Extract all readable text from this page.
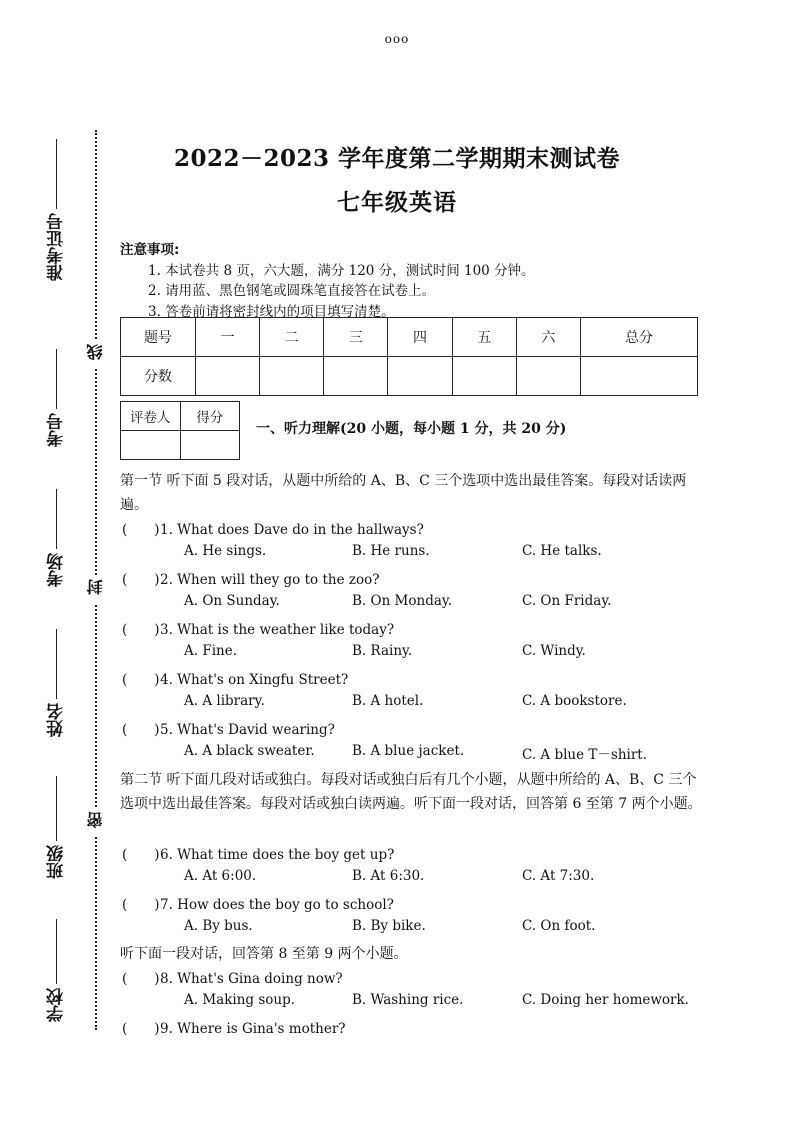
ooo
2022－2023 学年度第二学期期末测试卷
七年级英语
准考证号
考号
考场
姓名
班级
学校
线
封
密
注意事项:
1. 本试卷共 8 页，六大题，满分 120 分，测试时间 100 分钟。
2. 请用蓝、黑色钢笔或圆珠笔直接答在试卷上。
3. 答卷前请将密封线内的项目填写清楚。
题号	一	二	三	四	五	六	总分
分数							
评卷人	得分

一、听力理解(20 小题，每小题 1 分，共 20 分)
第一节 听下面 5 段对话，从题中所给的 A、B、C 三个选项中选出最佳答案。每段对话读两遍。
(　　)1. What does Dave do in the hallways?
A. He sings.	B. He runs.	C. He talks.
(　　)2. When will they go to the zoo?
A. On Sunday.	B. On Monday.	C. On Friday.
(　　)3. What is the weather like today?
A. Fine.	B. Rainy.	C. Windy.
(　　)4. What's on Xingfu Street?
A. A library.	B. A hotel.	C. A bookstore.
(　　)5. What's David wearing?
A. A black sweater.	B. A blue jacket.	C. A blue T－shirt.
(　　)6. What time does the boy get up?
A. At 6:00.	B. At 6:30.	C. At 7:30.
(　　)7. How does the boy go to school?
A. By bus.	B. By bike.	C. On foot.
(　　)8. What's Gina doing now?
A. Making soup.	B. Washing rice.	C. Doing her homework.
(　　)9. Where is Gina's mother?
第二节 听下面几段对话或独白。每段对话或独白后有几个小题，从题中所给的 A、B、C 三个选项中选出最佳答案。每段对话或独白读两遍。听下面一段对话，回答第 6 至第 7 两个小题。
听下面一段对话，回答第 8 至第 9 两个小题。
